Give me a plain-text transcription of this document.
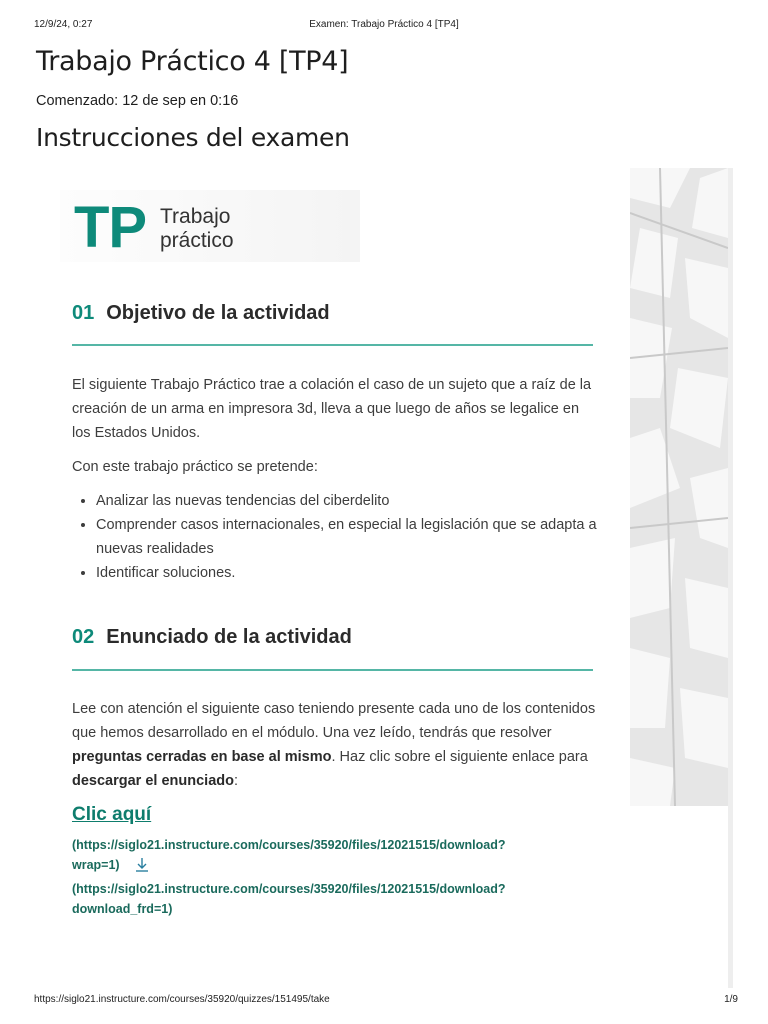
12/9/24, 0:27	Examen: Trabajo Práctico 4 [TP4]
Trabajo Práctico 4 [TP4]
Comenzado: 12 de sep en 0:16
Instrucciones del examen
TP Trabajo
práctico
01 Objetivo de la actividad

El siguiente Trabajo Práctico trae a colación el caso de un sujeto que a raíz de la creación de un arma en impresora 3d, lleva a que luego de años se legalice en los Estados Unidos.

Con este trabajo práctico se pretende:

• Analizar las nuevas tendencias del ciberdelito
• Comprender casos internacionales, en especial la legislación que se adapta a nuevas realidades
• Identificar soluciones.
02 Enunciado de la actividad

Lee con atención el siguiente caso teniendo presente cada uno de los contenidos que hemos desarrollado en el módulo. Una vez leído, tendrás que resolver preguntas cerradas en base al mismo. Haz clic sobre el siguiente enlace para descargar el enunciado:

Clic aquí
(https://siglo21.instructure.com/courses/35920/files/12021515/download?
wrap=1)
(https://siglo21.instructure.com/courses/35920/files/12021515/download?
download_frd=1)
https://siglo21.instructure.com/courses/35920/quizzes/151495/take	1/9
